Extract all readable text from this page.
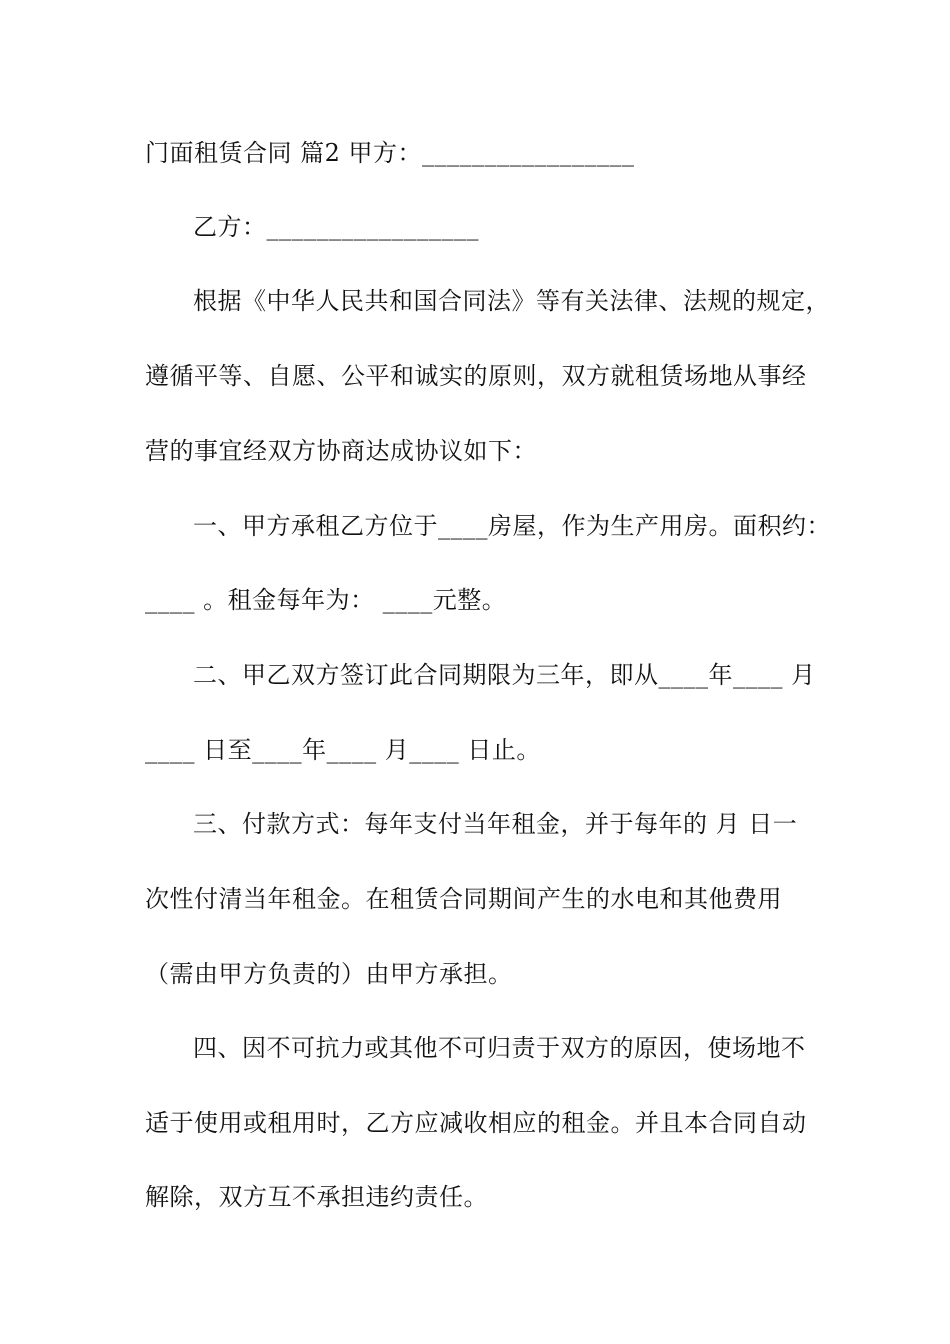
门面租赁合同 篇2 甲方：_________________
乙方：_________________
根据《中华人民共和国合同法》等有关法律、法规的规定，
遵循平等、自愿、公平和诚实的原则，双方就租赁场地从事经
营的事宜经双方协商达成协议如下：
一、甲方承租乙方位于____房屋，作为生产用房。面积约：
____ 。租金每年为： ____元整。
二、甲乙双方签订此合同期限为三年，即从____年____ 月
____ 日至____年____ 月____ 日止。
三、付款方式：每年支付当年租金，并于每年的 月 日一
次性付清当年租金。在租赁合同期间产生的水电和其他费用
（需由甲方负责的）由甲方承担。
四、因不可抗力或其他不可归责于双方的原因，使场地不
适于使用或租用时，乙方应减收相应的租金。并且本合同自动
解除，双方互不承担违约责任。
